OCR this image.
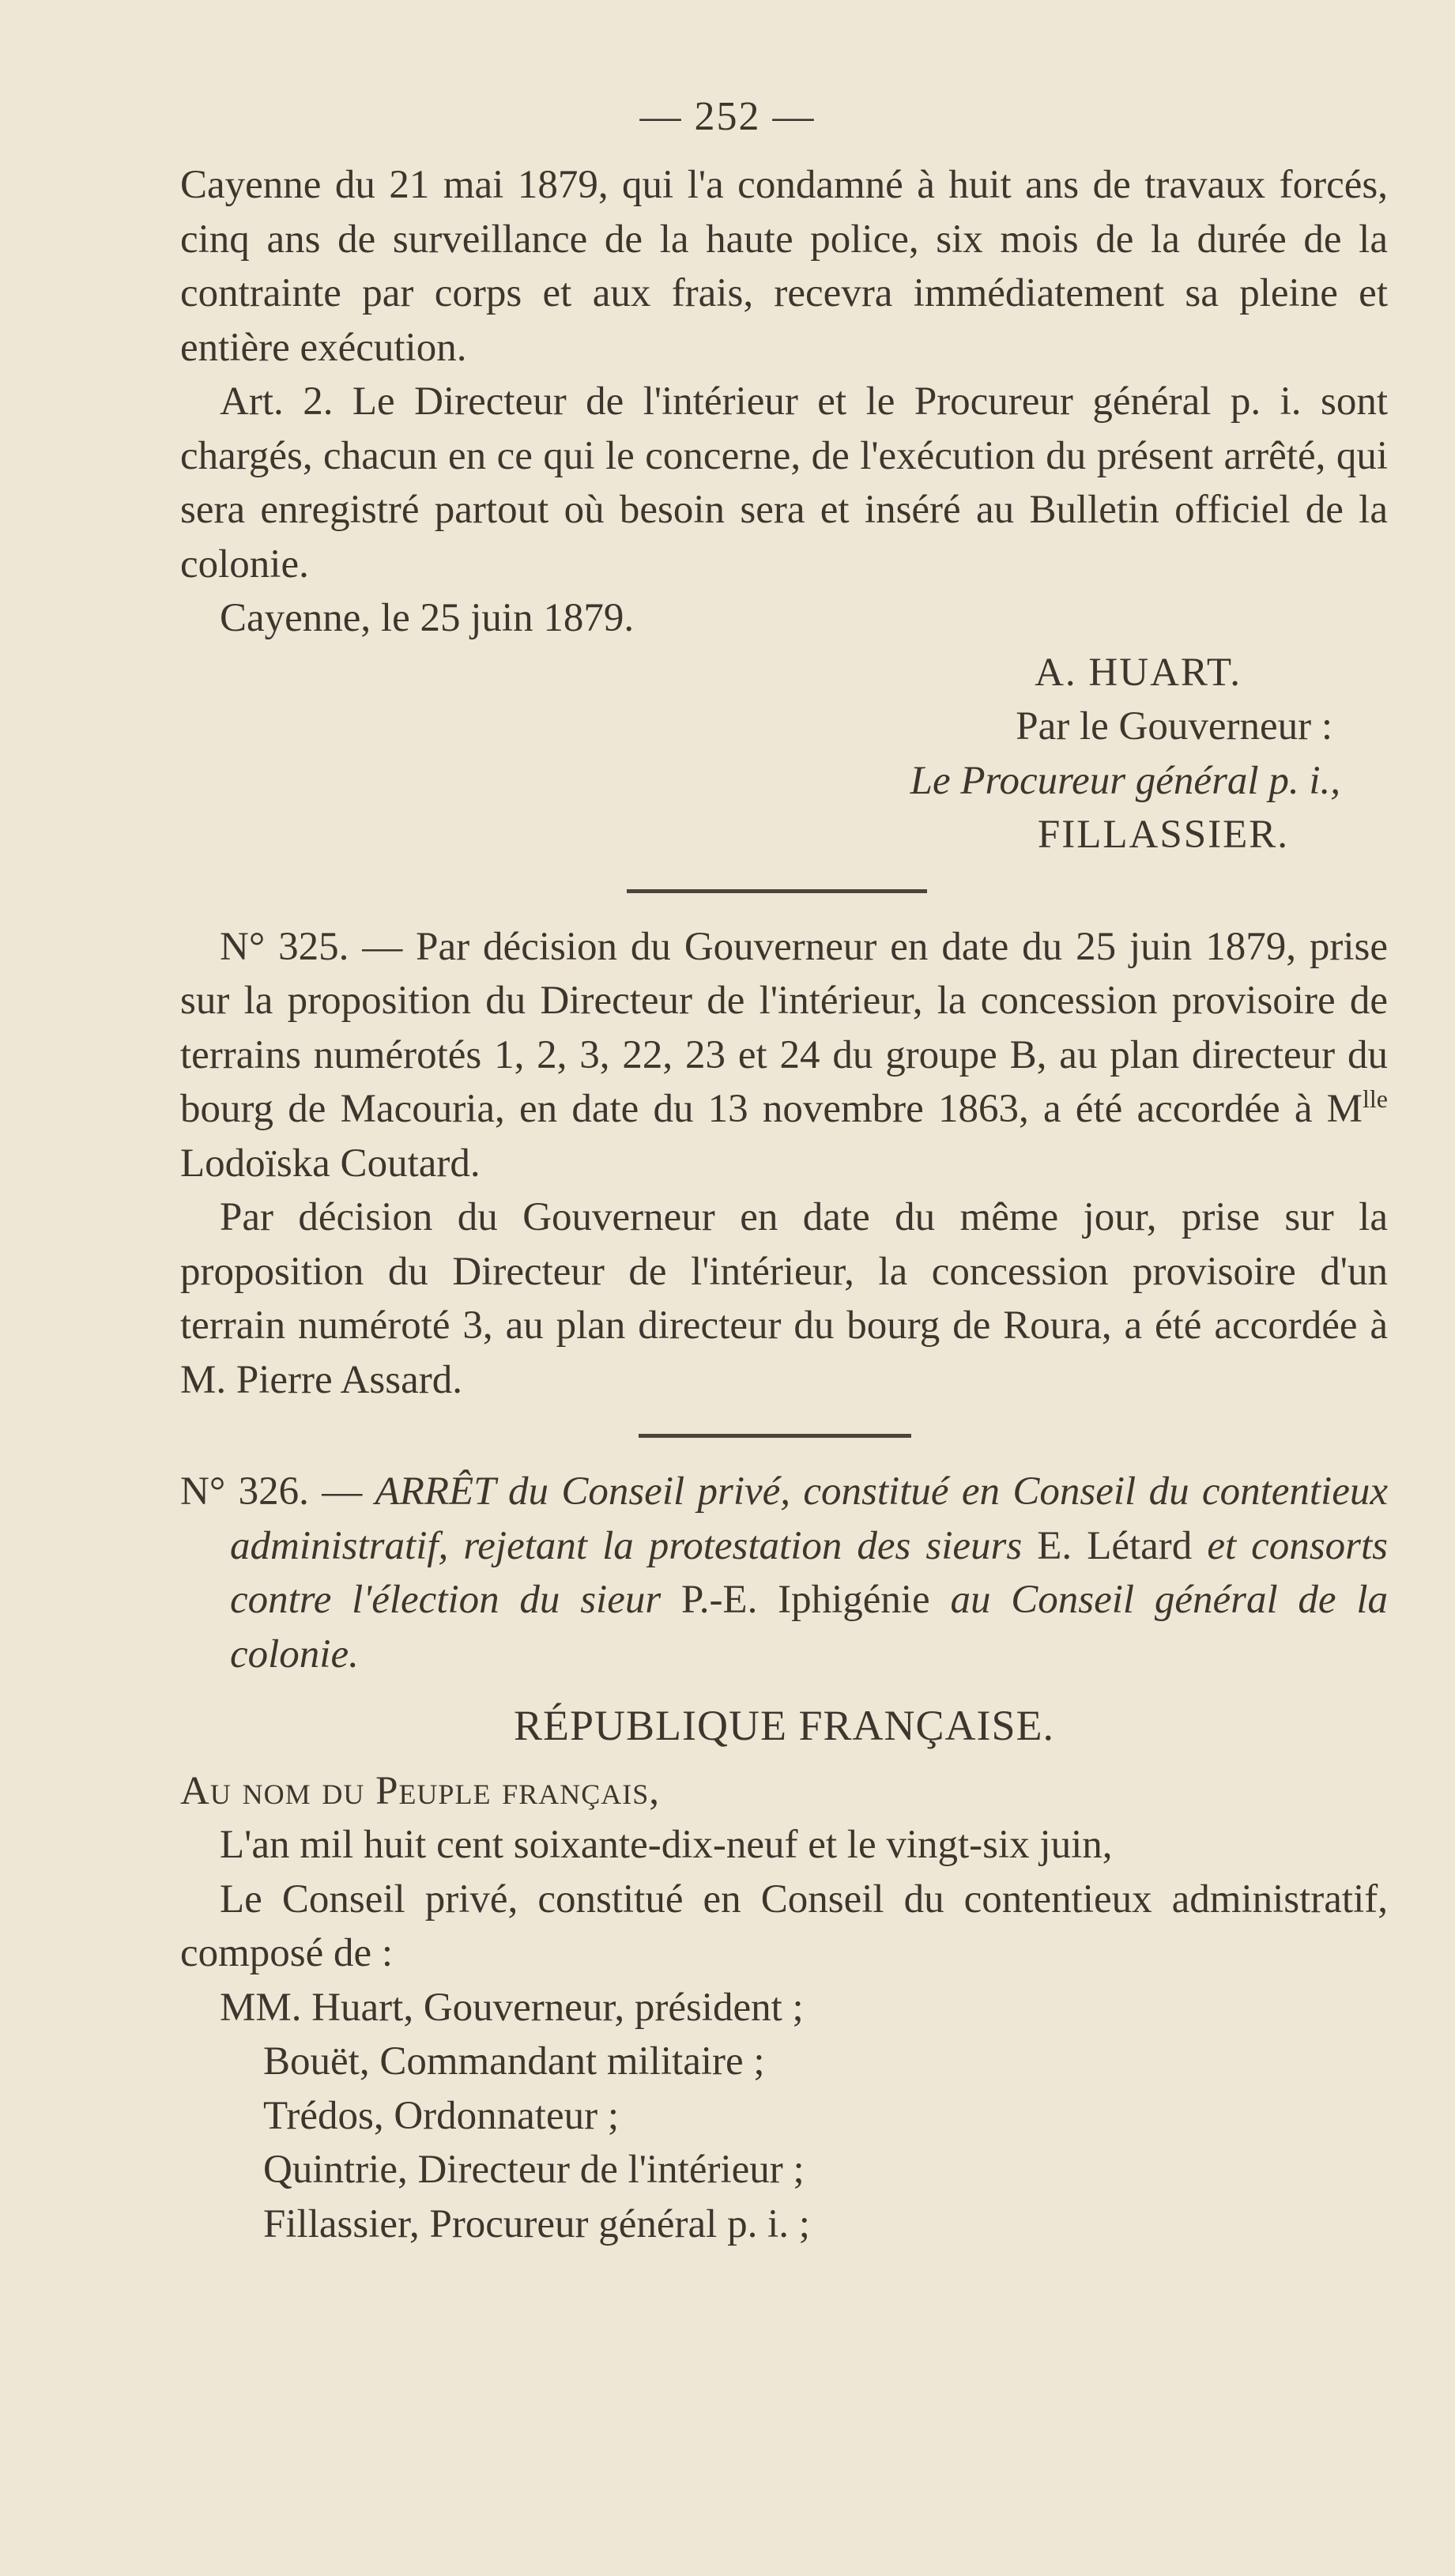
— 252 —

Cayenne du 21 mai 1879, qui l'a condamné à huit ans de travaux forcés, cinq ans de surveillance de la haute police, six mois de la durée de la contrainte par corps et aux frais, recevra immédiatement sa pleine et entière exécution.

Art. 2. Le Directeur de l'intérieur et le Procureur général p. i. sont chargés, chacun en ce qui le concerne, de l'exécution du présent arrêté, qui sera enregistré partout où besoin sera et inséré au Bulletin officiel de la colonie.

Cayenne, le 25 juin 1879.

A. HUART.

Par le Gouverneur :

Le Procureur général p. i.,

FILLASSIER.

N° 325. — Par décision du Gouverneur en date du 25 juin 1879, prise sur la proposition du Directeur de l'intérieur, la concession provisoire de terrains numérotés 1, 2, 3, 22, 23 et 24 du groupe B, au plan directeur du bourg de Macouria, en date du 13 novembre 1863, a été accordée à $M^{lle}$ Lodoïska Coutard.

Par décision du Gouverneur en date du même jour, prise sur la proposition du Directeur de l'intérieur, la concession provisoire d'un terrain numéroté 3, au plan directeur du bourg de Roura, a été accordée à M. Pierre Assard.

N° 326. — ARRÊT du Conseil privé, constitué en Conseil du contentieux administratif, rejetant la protestation des sieurs E. Létard et consorts contre l'élection du sieur P.-E. Iphigénie au Conseil général de la colonie.

RÉPUBLIQUE FRANÇAISE.

Au nom du Peuple français,

L'an mil huit cent soixante-dix-neuf et le vingt-six juin,

Le Conseil privé, constitué en Conseil du contentieux administratif, composé de :

MM. Huart, Gouverneur, président ;

Bouët, Commandant militaire ;

Trédos, Ordonnateur ;

Quintrie, Directeur de l'intérieur ;

Fillassier, Procureur général p. i. ;
